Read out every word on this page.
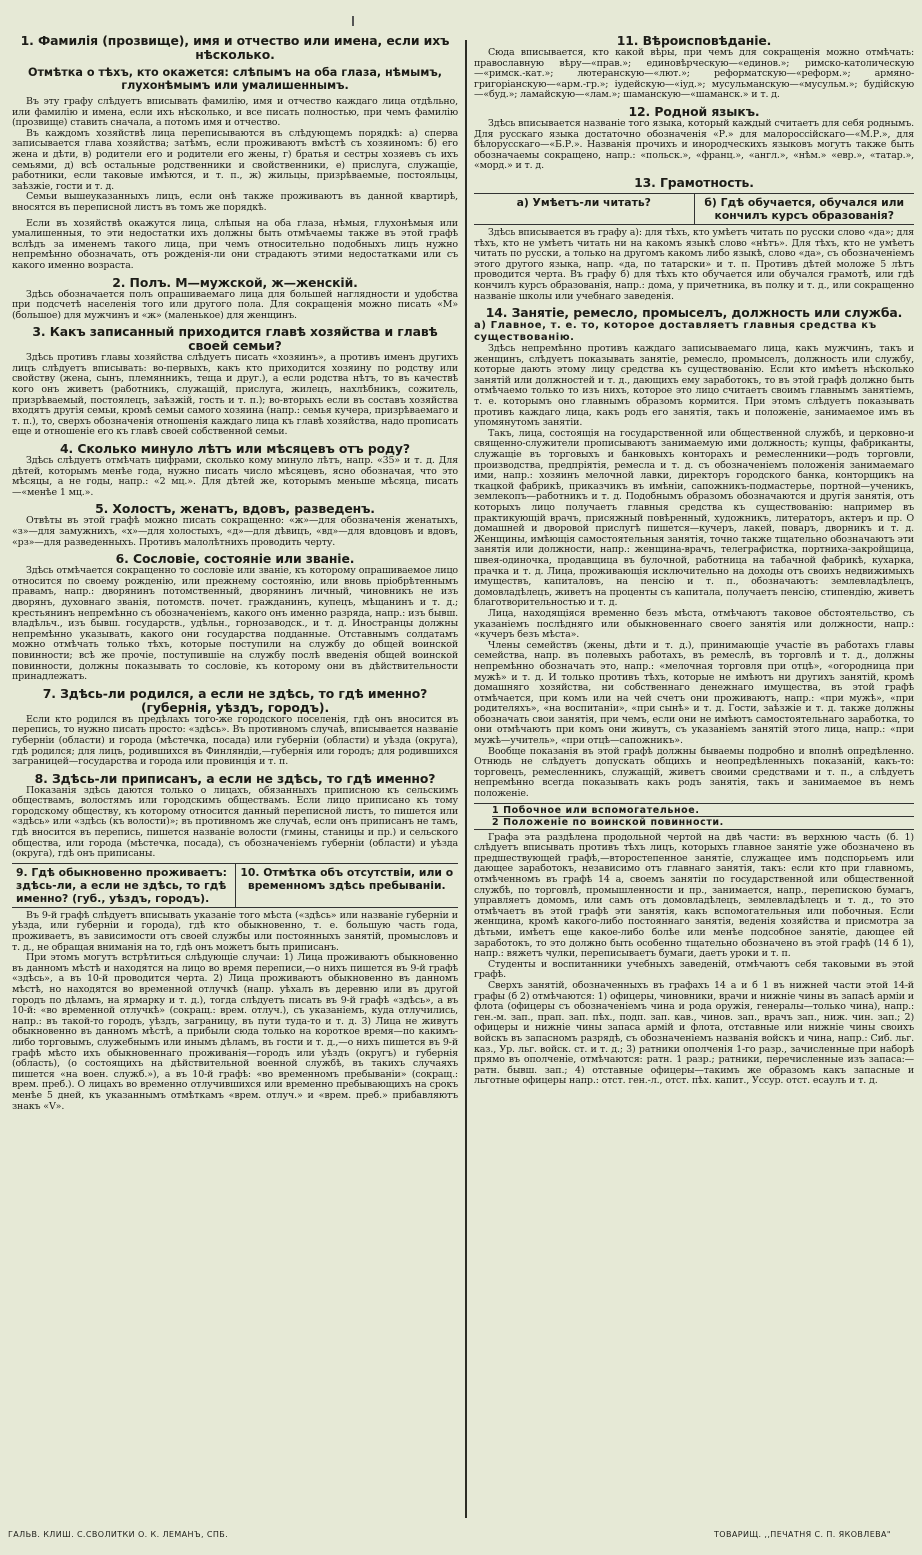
1. Фамилія (прозвище), имя и отчество или имена, если ихъ нѣсколько.
Отмѣтка о тѣхъ, кто окажется: слѣпымъ на оба глаза, нѣмымъ, глухонѣмымъ или умалишеннымъ.

Въ эту графу слѣдуетъ вписывать фамилію, имя и отчество каждаго лица отдѣльно, или фамилію и имена, если ихъ нѣсколько, и все писать полностью, при чемъ фамилію (прозвище) ставить сначала, а потомъ имя и отчество.

Въ каждомъ хозяйствѣ лица переписываются въ слѣдующемъ порядкѣ: а) сперва записывается глава хозяйства; затѣмъ, если проживаютъ вмѣстѣ съ хозяиномъ: б) его жена и дѣти, в) родители его и родители его жены, г) братья и сестры хозяевъ съ ихъ семьями, д) всѣ остальные родственники и свойственники, е) прислуга, служащіе, работники, если таковые имѣются, и т. п., ж) жильцы, призрѣваемые, постояльцы, заѣзжіе, гости и т. д.

Семьи вышеуказанныхъ лицъ, если онѣ также проживаютъ въ данной квартирѣ, вносятся въ переписной листъ въ томъ же порядкѣ.

Если въ хозяйствѣ окажутся лица, слѣпыя на оба глаза, нѣмыя, глухонѣмыя или умалишенныя, то эти недостатки ихъ должны быть отмѣчаемы также въ этой графѣ вслѣдъ за именемъ такого лица, при чемъ относительно подобныхъ лицъ нужно непремѣнно обозначать, отъ рожденія-ли они страдаютъ этими недостатками или съ какого именно возраста.

2. Полъ. М—мужской, ж—женскій.

Здѣсь обозначается полъ опрашиваемаго лица для большей наглядности и удобства при подсчетѣ населенія того или другого пола. Для сокращенія можно писать «М» (большое) для мужчинъ и «ж» (маленькое) для женщинъ.

3. Какъ записанный приходится главѣ хозяйства и главѣ своей семьи?

Здѣсь противъ главы хозяйства слѣдуетъ писать «хозяинъ», а противъ именъ другихъ лицъ слѣдуетъ вписывать: во-первыхъ, какъ кто приходится хозяину по родству или свойству (жена, сынъ, племянникъ, теща и друг.), а если родства нѣтъ, то въ качествѣ кого онъ живетъ (работникъ, служащій, прислуга, жилецъ, нахлѣбникъ, сожитель, призрѣваемый, постоялецъ, заѣзжій, гость и т. п.); во-вторыхъ если въ составъ хозяйства входятъ другія семьи, кромѣ семьи самого хозяина (напр.: семья кучера, призрѣваемаго и т. п.), то, сверхъ обозначенія отношенія каждаго лица къ главѣ хозяйства, надо прописать еще и отношеніе его къ главѣ своей собственной семьи.

4. Сколько минуло лѣтъ или мѣсяцевъ отъ роду?

Здѣсь слѣдуетъ отмѣчать цифрами, сколько кому минуло лѣтъ, напр. «35» и т. д. Для дѣтей, которымъ менѣе года, нужно писать число мѣсяцевъ, ясно обозначая, что это мѣсяцы, а не годы, напр.: «2 мц.». Для дѣтей же, которымъ меньше мѣсяца, писать—«менѣе 1 мц.».

5. Холостъ, женатъ, вдовъ, разведенъ.

Отвѣты въ этой графѣ можно писать сокращенно: «ж»—для обозначенія женатыхъ, «з»—для замужнихъ, «х»—для холостыхъ, «д»—для дѣвицъ, «вд»—для вдовцовъ и вдовъ, «рз»—для разведенныхъ. Противъ малолѣтнихъ проводить черту.

6. Сословіе, состояніе или званіе.

Здѣсь отмѣчается сокращенно то сословіе или званіе, къ которому опрашиваемое лицо относится по своему рожденію, или прежнему состоянію, или вновь пріобрѣтеннымъ правамъ, напр.: дворянинъ потомственный, дворянинъ личный, чиновникъ не изъ дворянъ, духовнаго званія, потомств. почет. гражданинъ, купецъ, мѣщанинъ и т. д.; крестьянинъ непремѣнно съ обозначеніемъ, какого онъ именно разряда, напр.: изъ бывш. владѣльч., изъ бывш. государств., удѣльн., горнозаводск., и т. д. Иностранцы должны непремѣнно указывать, какого они государства подданные. Отставнымъ солдатамъ можно отмѣчать только тѣхъ, которые поступили на службу до общей воинской повинности; всѣ же прочіе, поступившіе на службу послѣ введенія общей воинской повинности, должны показывать то сословіе, къ которому они въ дѣйствительности принадлежатъ.

7. Здѣсь-ли родился, а если не здѣсь, то гдѣ именно? (губернія, уѣздъ, городъ).

Если кто родился въ предѣлахъ того-же городского поселенія, гдѣ онъ вносится въ перепись, то нужно писать просто: «здѣсь». Въ противномъ случаѣ, вписывается названіе губерніи (области) и города (мѣстечка, посада) или губерніи (области) и уѣзда (округа), гдѣ родился; для лицъ, родившихся въ Финляндіи,—губернія или городъ; для родившихся заграницей—государства и города или провинція и т. п.

8. Здѣсь-ли приписанъ, а если не здѣсь, то гдѣ именно?

Показанія здѣсь даются только о лицахъ, обязанныхъ приписною къ сельскимъ обществамъ, волостямъ или городскимъ обществамъ. Если лицо приписано къ тому городскому обществу, къ которому относится данный переписной листъ, то пишется или «здѣсь» или «здѣсь (къ волости)»; въ противномъ же случаѣ, если онъ приписанъ не тамъ, гдѣ вносится въ перепись, пишется названіе волости (гмины, станицы и пр.) и сельского общества, или города (мѣстечка, посада), съ обозначеніемъ губерніи (области) и уѣзда (округа), гдѣ онъ приписаны.

9. Гдѣ обыкновенно проживаетъ: здѣсь-ли, а если не здѣсь, то гдѣ именно? (губ., уѣздъ, городъ).
10. Отмѣтка объ отсутствіи, или о временномъ здѣсь пребываніи.

Въ 9-й графѣ слѣдуетъ вписывать указаніе того мѣста («здѣсь» или названіе губерніи и уѣзда, или губерніи и города), гдѣ кто обыкновенно, т. е. большую часть года, проживаетъ, въ зависимости отъ своей службы или постоянныхъ занятій, промысловъ и т. д., не обращая вниманія на то, гдѣ онъ можетъ быть приписанъ.

При этомъ могутъ встрѣтиться слѣдующіе случаи: 1) Лица проживаютъ обыкновенно въ данномъ мѣстѣ и находятся на лицо во время переписи,—о нихъ пишется въ 9-й графѣ «здѣсь», а въ 10-й проводится черта. 2) Лица проживаютъ обыкновенно въ данномъ мѣстѣ, но находятся во временной отлучкѣ (напр. уѣхалъ въ деревню или въ другой городъ по дѣламъ, на ярмарку и т. д.), тогда слѣдуетъ писать въ 9-й графѣ «здѣсь», а въ 10-й: «во временной отлучкѣ» (сокращ.: врем. отлуч.), съ указаніемъ, куда отлучились, напр.: въ такой-то городъ, уѣздъ, заграницу, въ пути туда-то и т. д. 3) Лица не живутъ обыкновенно въ данномъ мѣстѣ, а прибыли сюда только на короткое время—по какимъ-либо торговымъ, служебнымъ или инымъ дѣламъ, въ гости и т. д.,—о нихъ пишется въ 9-й графѣ мѣсто ихъ обыкновеннаго проживанія—городъ или уѣздъ (округъ) и губернія (область), (о состоящихъ на дѣйствительной военной службѣ, въ такихъ случаяхъ пишется «на воен. служб.»), а въ 10-й графѣ: «во временномъ пребываніи» (сокращ.: врем. преб.). О лицахъ во временно отлучившихся или временно пребывающихъ на срокъ менѣе 5 дней, къ указаннымъ отмѣткамъ «врем. отлуч.» и «врем. преб.» прибавляютъ знакъ «V».

11. Вѣроисповѣданіе.

Сюда вписывается, кто какой вѣры, при чемъ для сокращенія можно отмѣчать: православную вѣру—«прав.»; единовѣрческую—«единов.»; римско-католическую—«римск.-кат.»; лютеранскую—«лют.»; реформатскую—«реформ.»; армяно-григоріанскую—«арм.-гр.»; іудейскую—«іуд.»; мусульманскую—«мусульм.»; будійскую—«буд.»; ламайскую—«лам.»; шаманскую—«шаманск.» и т. д.

12. Родной языкъ.

Здѣсь вписывается названіе того языка, который каждый считаетъ для себя роднымъ. Для русскаго языка достаточно обозначенія «Р.» для малороссійскаго—«М.Р.», для бѣлорусскаго—«Б.Р.». Названія прочихъ и инородческихъ языковъ могутъ также быть обозначаемы сокращено, напр.: «польск.», «франц.», «англ.», «нѣм.» «евр.», «татар.», «морд.» и т. д.

13. Грамотность.
а) Умѣетъ-ли читать?	б) Гдѣ обучается, обучался или кончилъ курсъ образованія?

Здѣсь вписывается въ графу а): для тѣхъ, кто умѣетъ читать по русски слово «да»; для тѣхъ, кто не умѣетъ читать ни на какомъ языкѣ слово «нѣтъ». Для тѣхъ, кто не умѣетъ читать по русски, а только на другомъ какомъ либо языкѣ, слово «да», съ обозначеніемъ этого другого языка, напр. «да, по татарски» и т. п. Противъ дѣтей моложе 5 лѣтъ проводится черта. Въ графу б) для тѣхъ кто обучается или обучался грамотѣ, или гдѣ кончилъ курсъ образованія, напр.: дома, у причетника, въ полку и т. д., или сокращенно названіе школы или учебнаго заведенія.

14. Занятіе, ремесло, промыселъ, должность или служба.
а) Главное, т. е. то, которое доставляетъ главныя средства къ существованію.

Здѣсь непремѣнно противъ каждаго записываемаго лица, какъ мужчинъ, такъ и женщинъ, слѣдуетъ показывать занятіе, ремесло, промыселъ, должность или службу, которые даютъ этому лицу средства къ существованію. Если кто имѣетъ нѣсколько занятій или должностей и т. д., дающихъ ему заработокъ, то въ этой графѣ должно быть отмѣчаемо только то изъ нихъ, которое это лицо считаетъ своимъ главнымъ занятіемъ, т. е. которымъ оно главнымъ образомъ кормится. При этомъ слѣдуетъ показывать противъ каждаго лица, какъ родъ его занятія, такъ и положеніе, занимаемое имъ въ упомянутомъ занятіи.

Такъ, лица, состоящія на государственной или общественной службѣ, и церковно-и священно-служители прописываютъ занимаемую ими должность; купцы, фабриканты, служащіе въ торговыхъ и банковыхъ конторахъ и ремесленники—родъ торговли, производства, предпріятія, ремесла и т. д. съ обозначеніемъ положенія занимаемаго ими, напр.: хозяинъ мелочной лавки, директоръ городского банка, конторщикъ на ткацкой фабрикѣ, приказчикъ въ имѣніи, сапожникъ-подмастерье, портной—ученикъ, землекопъ—работникъ и т. д. Подобнымъ образомъ обозначаются и другія занятія, отъ которыхъ лицо получаетъ главныя средства къ существованію: например въ практикующій врачъ, присяжный повѣренный, художникъ, литераторъ, актеръ и пр. О домашней и дворовой прислугѣ пишется—кучеръ, лакей, поваръ, дворникъ и т. д. Женщины, имѣющія самостоятельныя занятія, точно также тщательно обозначаютъ эти занятія или должности, напр.: женщина-врачъ, телеграфистка, портниха-закройщица, швея-одиночка, продавщица въ булочной, работница на табачной фабрикѣ, кухарка, прачка и т. д. Лица, проживающія исключительно на доходы отъ своихъ недвижимыхъ имуществъ, капиталовъ, на пенсію и т. п., обозначаютъ: землевладѣлецъ, домовладѣлецъ, живетъ на проценты съ капитала, получаетъ пенсію, стипендію, живетъ благотворительностью и т. д.

Лица, находящіяся временно безъ мѣста, отмѣчаютъ таковое обстоятельство, съ указаніемъ послѣдняго или обыкновеннаго своего занятія или должности, напр.: «кучеръ безъ мѣста».

Члены семействъ (жены, дѣти и т. д.), принимающіе участіе въ работахъ главы семейства, напр. въ полевыхъ работахъ, въ ремеслѣ, въ торговлѣ и т. д., должны непремѣнно обозначать это, напр.: «мелочная торговля при отцѣ», «огородница при мужѣ» и т. д. И только противъ тѣхъ, которые не имѣютъ ни другихъ занятій, кромѣ домашняго хозяйства, ни собственнаго денежнаго имущества, въ этой графѣ отмѣчается, при комъ или на чей счетъ они проживаютъ, напр.: «при мужѣ», «при родителяхъ», «на воспитаніи», «при сынѣ» и т. д. Гости, заѣзжіе и т. д. также должны обозначать свои занятія, при чемъ, если они не имѣютъ самостоятельнаго заработка, то они отмѣчаютъ при комъ они живутъ, съ указаніемъ занятій этого лица, напр.: «при мужѣ—учитель», «при отцѣ—сапожникъ».

Вообще показанія въ этой графѣ должны бываемы подробно и вполнѣ опредѣленно. Отнюдь не слѣдуетъ допускать общихъ и неопредѣленныхъ показаній, какъ-то: торговецъ, ремесленникъ, служащій, живетъ своими средствами и т. п., а слѣдуетъ непремѣнно всегда показывать какъ родъ занятія, такъ и занимаемое въ немъ положеніе.

1 Побочное или вспомогательное.
2 Положеніе по воинской повинности.

Графа эта раздѣлена продольной чертой на двѣ части: въ верхнюю часть (б. 1) слѣдуетъ вписывать противъ тѣхъ лицъ, которыхъ главное занятіе уже обозначено въ предшествующей графѣ,—второстепенное занятіе, служащее имъ подспорьемъ или дающее заработокъ, независимо отъ главнаго занятія, такъ: если кто при главномъ, отмѣченномъ въ графѣ 14 а, своемъ занятіи по государственной или общественной службѣ, по торговлѣ, промышленности и пр., занимается, напр., перепискою бумагъ, управляетъ домомъ, или самъ отъ домовладѣлецъ, землевладѣлецъ и т. д., то это отмѣчаетъ въ этой графѣ эти занятія, какъ вспомогательныя или побочныя. Если женщина, кромѣ какого-либо постояннаго занятія, веденія хозяйства и присмотра за дѣтьми, имѣетъ еще какое-либо болѣе или менѣе подсобное занятіе, дающее ей заработокъ, то это должно быть особенно тщательно обозначено въ этой графѣ (14 б 1), напр.: вяжетъ чулки, переписываетъ бумаги, даетъ уроки и т. п.

Студенты и воспитанники учебныхъ заведеній, отмѣчаютъ себя таковыми въ этой графѣ.

Сверхъ занятій, обозначенныхъ въ графахъ 14 а и б 1 въ нижней части этой 14-й графы (б 2) отмѣчаются: 1) офицеры, чиновники, врачи и нижніе чины въ запасѣ арміи и флота (офицеры съ обозначеніемъ чина и рода оружія, генералы—только чина), напр.: ген.-м. зап., прап. зап. пѣх., подп. зап. кав., чинов. зап., врачъ зап., ниж. чин. зап.; 2) офицеры и нижніе чины запаса армій и флота, отставные или нижніе чины своихъ войскъ въ запасномъ разрядѣ, съ обозначеніемъ названія войскъ и чина, напр.: Сиб. льг. каз., Ур. льг. войск. ст. и т. д.; 3) ратники ополченія 1-го разр., зачисленные при наборѣ прямо въ ополченіе, отмѣчаются: ратн. 1 разр.; ратники, перечисленные изъ запаса:—ратн. бывш. зап.; 4) отставные офицеры—такимъ же образомъ какъ запасные и льготные офицеры напр.: отст. ген.-л., отст. пѣх. капит., Уссур. отст. есаулъ и т. д.

ГАЛЬВ. КЛИШ. С.СВОЛИТКИ О. К. ЛЕМАНЪ, СПБ.	ТОВАРИЩ. ,,ПЕЧАТНЯ С. П. ЯКОВЛЕВА"
